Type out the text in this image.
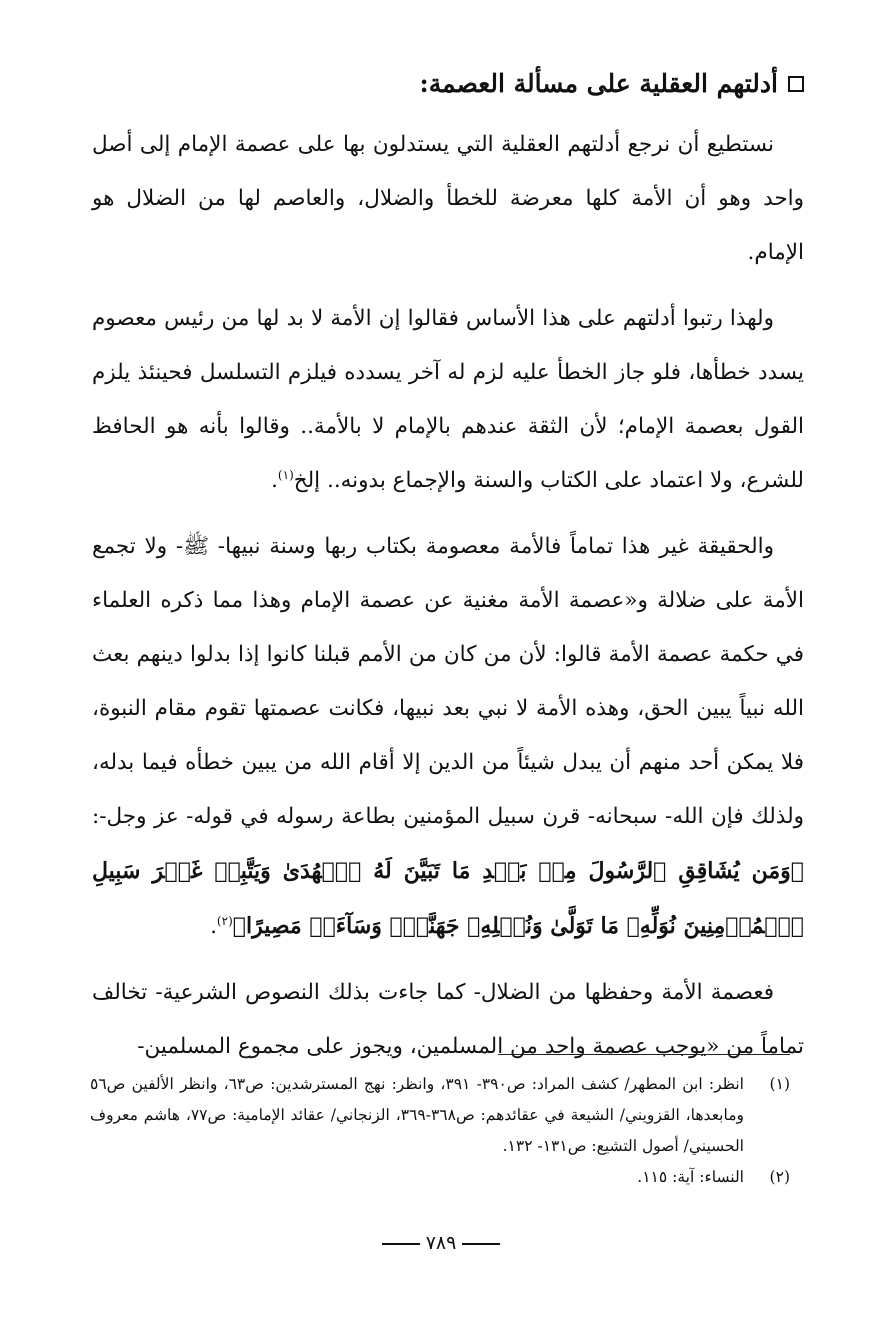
أدلتهم العقلية على مسألة العصمة:

نستطيع أن نرجع أدلتهم العقلية التي يستدلون بها على عصمة الإمام إلى أصل واحد وهو أن الأمة كلها معرضة للخطأ والضلال، والعاصم لها من الضلال هو الإمام.

ولهذا رتبوا أدلتهم على هذا الأساس فقالوا إن الأمة لا بد لها من رئيس معصوم يسدد خطأها، فلو جاز الخطأ عليه لزم له آخر يسدده فيلزم التسلسل فحينئذ يلزم القول بعصمة الإمام؛ لأن الثقة عندهم بالإمام لا بالأمة.. وقالوا بأنه هو الحافظ للشرع، ولا اعتماد على الكتاب والسنة والإجماع بدونه.. إلخ$^{(١)}$.

والحقيقة غير هذا تماماً فالأمة معصومة بكتاب ربها وسنة نبيها- ﷺ- ولا تجمع الأمة على ضلالة و«عصمة الأمة مغنية عن عصمة الإمام وهذا مما ذكره العلماء في حكمة عصمة الأمة قالوا: لأن من كان من الأمم قبلنا كانوا إذا بدلوا دينهم بعث الله نبياً يبين الحق، وهذه الأمة لا نبي بعد نبيها، فكانت عصمتها تقوم مقام النبوة، فلا يمكن أحد منهم أن يبدل شيئاً من الدين إلا أقام الله من يبين خطأه فيما بدله، ولذلك فإن الله- سبحانه- قرن سبيل المؤمنين بطاعة رسوله في قوله- عز وجل-: ﴿وَمَن يُشَاقِقِ ٱلرَّسُولَ مِنۢ بَعۡدِ مَا تَبَيَّنَ لَهُ ٱلۡهُدَىٰ وَيَتَّبِعۡ غَيۡرَ سَبِيلِ ٱلۡمُؤۡمِنِينَ نُوَلِّهِۦ مَا تَوَلَّىٰ وَنُصۡلِهِۦ جَهَنَّمَۖ وَسَآءَتۡ مَصِيرًا﴾$^{(٢)}$.

فعصمة الأمة وحفظها من الضلال- كما جاءت بذلك النصوص الشرعية- تخالف تماماً من «يوجب عصمة واحد من المسلمين، ويجوز على مجموع المسلمين-

(١)
انظر: ابن المطهر/ كشف المراد: ص٣٩٠- ٣٩١، وانظر: نهج المسترشدين: ص٦٣، وانظر الألفين ص٥٦ ومابعدها، القزويني/ الشيعة في عقائدهم: ص٣٦٨-٣٦٩، الزنجاني/ عقائد الإمامية: ص٧٧، هاشم معروف الحسيني/ أصول التشيع: ص١٣١- ١٣٢.
(٢)
النساء: آية: ١١٥.
٧٨٩
